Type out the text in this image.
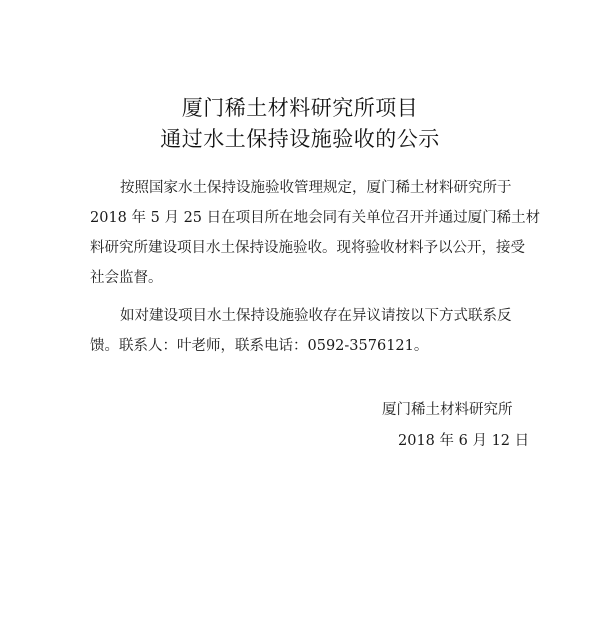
厦门稀土材料研究所项目
通过水土保持设施验收的公示
按照国家水土保持设施验收管理规定，厦门稀土材料研究所于
2018 年 5 月 25 日在项目所在地会同有关单位召开并通过厦门稀土材
料研究所建设项目水土保持设施验收。现将验收材料予以公开，接受
社会监督。
如对建设项目水土保持设施验收存在异议请按以下方式联系反
馈。联系人：叶老师，联系电话：0592-3576121。
厦门稀土材料研究所
2018 年 6 月 12 日
